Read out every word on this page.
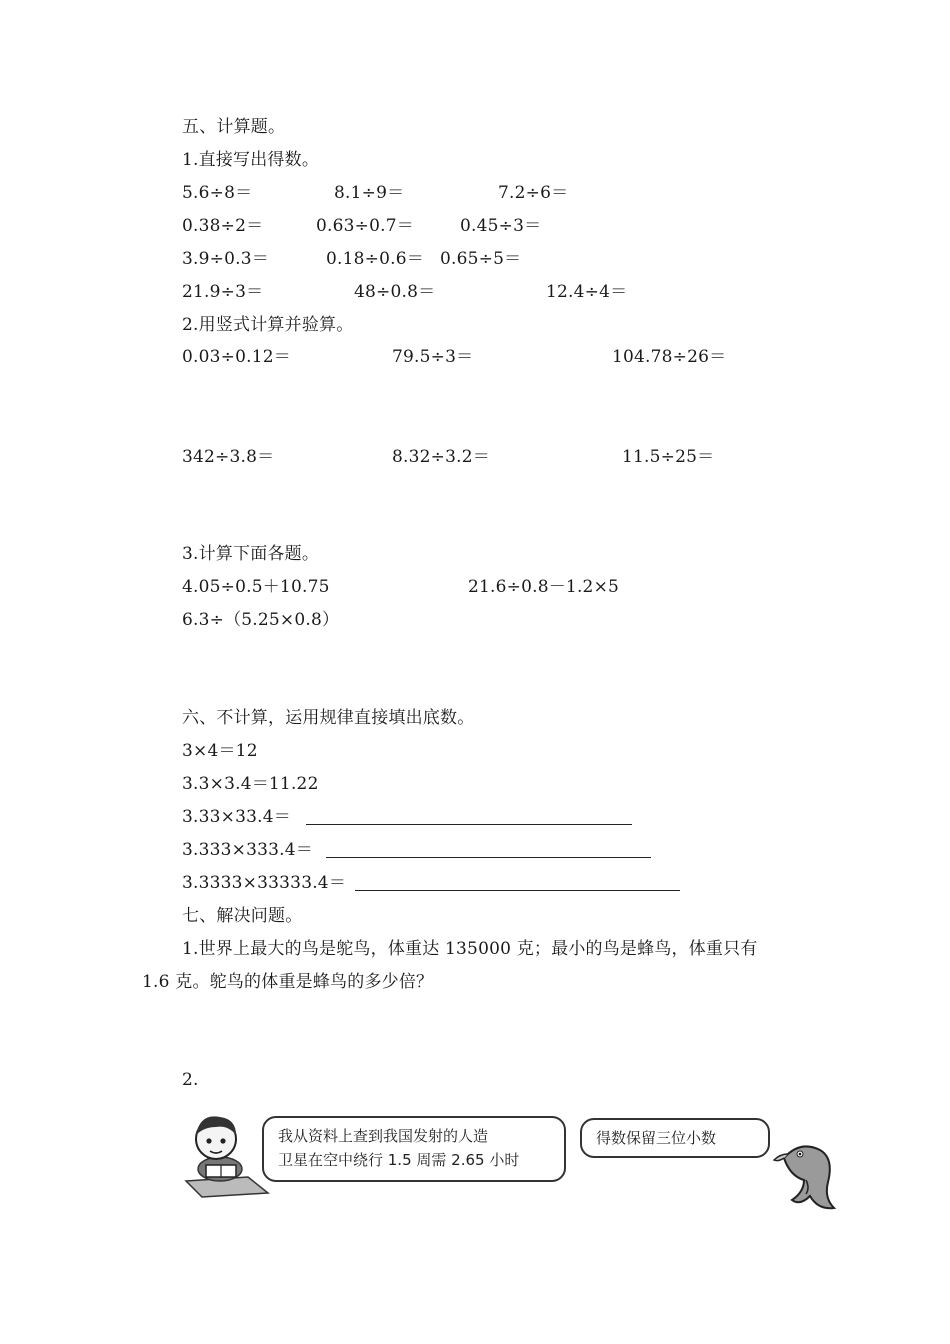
五、计算题。
1.直接写出得数。
5.6÷8＝	8.1÷9＝	7.2÷6＝
0.38÷2＝	0.63÷0.7＝	0.45÷3＝
3.9÷0.3＝	0.18÷0.6＝ 0.65÷5＝
21.9÷3＝	48÷0.8＝	12.4÷4＝
2.用竖式计算并验算。
0.03÷0.12＝	79.5÷3＝	104.78÷26＝
342÷3.8＝	8.32÷3.2＝	11.5÷25＝
3.计算下面各题。
4.05÷0.5＋10.75	21.6÷0.8－1.2×5
6.3÷（5.25×0.8）
六、不计算，运用规律直接填出底数。
3×4＝12
3.3×3.4＝11.22
3.33×33.4＝
3.333×333.4＝
3.3333×33333.4＝
七、解决问题。
1.世界上最大的鸟是鸵鸟，体重达 135000 克；最小的鸟是蜂鸟，体重只有
1.6 克。鸵鸟的体重是蜂鸟的多少倍？
2.
我从资料上查到我国发射的人造
卫星在空中绕行 1.5 周需 2.65 小时
得数保留三位小数
